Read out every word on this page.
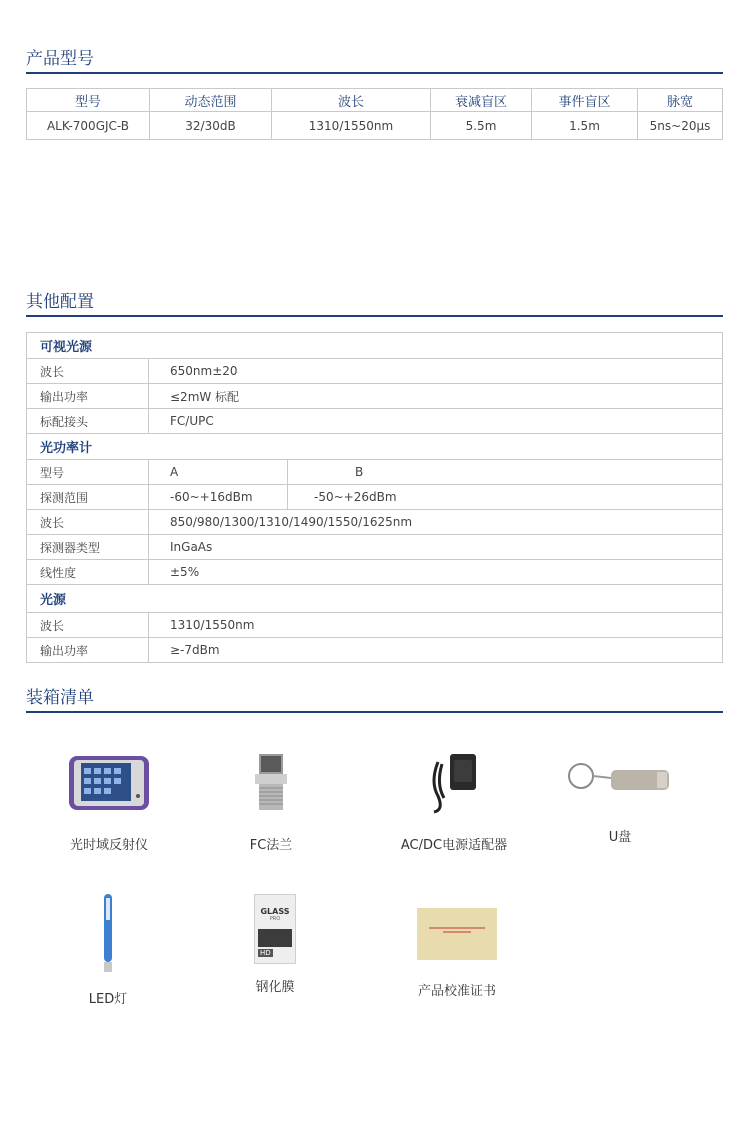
产品型号
型号	动态范围	波长	衰减盲区	事件盲区	脉宽
ALK-700GJC-B	32/30dB	1310/1550nm	5.5m	1.5m	5ns~20μs
其他配置
可视光源		
波长	650nm±20	
输出功率	≤2mW 标配	
标配接头	FC/UPC	
光功率计		
型号	A	B
探测范围	-60~+16dBm	-50~+26dBm
波长	850/980/1300/1310/1490/1550/1625nm	
探测器类型	InGaAs	
线性度	±5%	
光源		
波长	1310/1550nm	
输出功率	≥-7dBm	
装箱清单
光时域反射仪	FC法兰	AC/DC电源适配器
U盘
LED灯
GLASS
PRO
HD
钢化膜	产品校准证书
